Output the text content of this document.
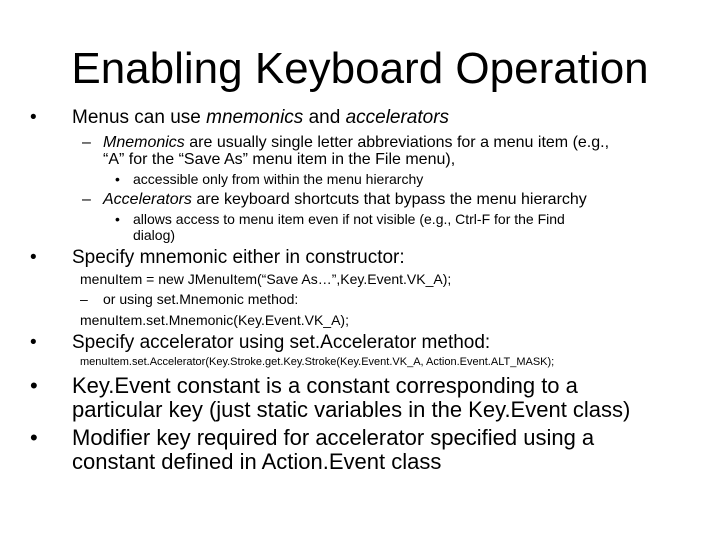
Enabling Keyboard Operation
• Menus can use mnemonics and accelerators
– Mnemonics are usually single letter abbreviations for a menu item (e.g.,
“A” for the “Save As” menu item in the File menu),
• accessible only from within the menu hierarchy
– Accelerators are keyboard shortcuts that bypass the menu hierarchy
• allows access to menu item even if not visible (e.g., Ctrl-F for the Find
dialog)
• Specify mnemonic either in constructor:
menuItem = new JMenuItem(“Save As…”,Key.Event.VK_A);
– or using set.Mnemonic method:
menuItem.set.Mnemonic(Key.Event.VK_A);
• Specify accelerator using set.Accelerator method:
menuItem.set.Accelerator(Key.Stroke.get.Key.Stroke(Key.Event.VK_A, Action.Event.ALT_MASK);
• Key.Event constant is a constant corresponding to a
particular key (just static variables in the Key.Event class)
• Modifier key required for accelerator specified using a
constant defined in Action.Event class
